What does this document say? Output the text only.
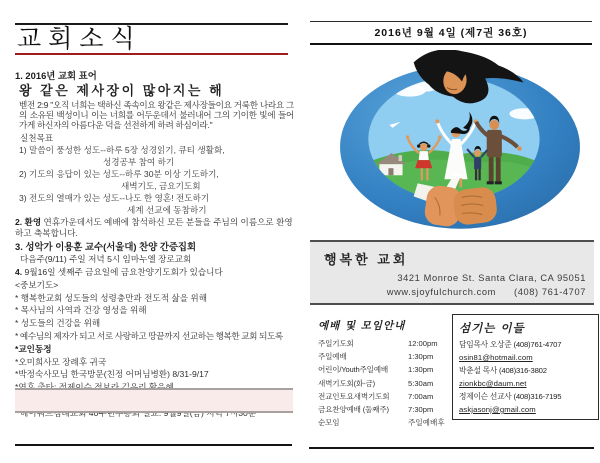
교회소식

1. 2016년 교회 표어

왕 같은 제사장이 많아지는 해

벧전 2:9 "오직 너희는 택하신 족속이요 왕같은 제사장들이요 거룩한 나라요 그의 소유된 백성이니 이는 너희를 어두운데서 불러내어 그의 기이한 빛에 들어가게 하신자의 아름다운 덕을 선전하게 하려 하심이라."

실천목표

1) 말씀이 풍성한 성도--하루 5장 성경읽기, 큐티 생활화,

성경공부 참여 하기

2) 기도의 응답이 있는 성도--하루 30분 이상 기도하기,

새벽기도, 금요기도회

3) 전도의 열매가 있는 성도--나도 한 영혼! 전도하기

세계 선교에 동참하기

2. 환영 연휴가운데서도 예배에 참석하신 모든 분들을 주님의 이름으로 환영하고 축복합니다.

3. 성악가 이용훈 교수(서울대) 찬양 간증집회

다음주(9/11) 주일 저녁 5시 임마누엘 장로교회

4. 9월16일 셋째주 금요일에 금요찬양기도회가 있습니다

<중보기도>

* 행복한교회 성도들의 성령충만과 전도적 삶을 위해

* 목사님의 사역과 건강 영성을 위해

* 성도들의 건강을 위해

* 예수님의 제자가 되고 서로 사랑하고 땅끝까지 선교하는 행복한 교회 되도록

*교인동정

*오미희사모 장례후 귀국

*박정숙사모님 한국방문(친정 어머님병환) 8/31-9/17

2016년 9월 4일 (제7권 36호)
행복한 교회
3421 Monroe St. Santa Clara, CA 95051
www.sjoyfulchurch.com (408) 761-4707
예배 및 모임안내
주일기도회	12:00pm
주일예배	1:30pm
어린이/Youth주일예배	1:30pm
새벽기도회(화-금)	5:30am
전교인토요새벽기도회	7:00am
금요찬양예배 (둘째주)	7:30pm
순모임	주일예배후
섬기는 이들
담임목사 오상준 (408)761-4707
osin81@hotmail.com
박춘설 목사 (408)316-3802
zionkbc@daum.net
정제이슨 선교사 (408)316-7195
askjasonj@gmail.com
